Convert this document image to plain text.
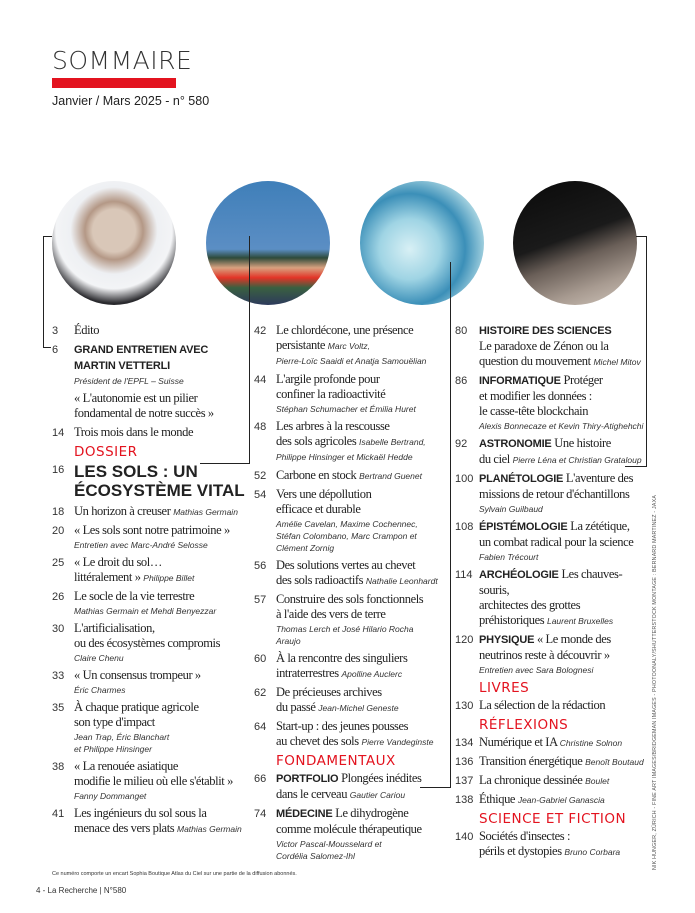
SOMMAIRE
Janvier / Mars 2025 - n° 580
3	Édito
6	GRAND ENTRETIEN AVEC
MARTIN VETTERLI
Président de l'EPFL – Suisse
« L'autonomie est un pilier
fondamental de notre succès »
14 Trois mois dans le monde
DOSSIER
16 LES SOLS : UN
ÉCOSYSTÈME VITAL
18 Un horizon à creuser Mathias Germain
20 « Les sols sont notre patrimoine »
Entretien avec Marc-André Selosse
25 « Le droit du sol…
littéralement » Philippe Billet
26 Le socle de la vie terrestre
Mathias Germain et Mehdi Benyezzar
30 L'artificialisation,
ou des écosystèmes compromis
Claire Chenu
33 « Un consensus trompeur »
Éric Charmes
35 À chaque pratique agricole
son type d'impact
Jean Trap, Éric Blanchart
et Philippe Hinsinger
38 « La renouée asiatique
modifie le milieu où elle s'établit »
Fanny Dommanget
41 Les ingénieurs du sol sous la
menace des vers plats Mathias Germain
42 Le chlordécone, une présence
persistante Marc Voltz,
Pierre-Loïc Saaidi et Anatja Samouëlian
44 L'argile profonde pour
confiner la radioactivité
Stéphan Schumacher et Émilia Huret
48 Les arbres à la rescousse
des sols agricoles Isabelle Bertrand,
Philippe Hinsinger et Mickaël Hedde
52 Carbone en stock Bertrand Guenet
54 Vers une dépollution
efficace et durable
Amélie Cavelan, Maxime Cochennec,
Stéfan Colombano, Marc Crampon et
Clément Zornig
56 Des solutions vertes au chevet
des sols radioactifs Nathalie Leonhardt
57 Construire des sols fonctionnels
à l'aide des vers de terre
Thomas Lerch et José Hilario Rocha Araujo
60 À la rencontre des singuliers
intraterrestres Apolline Auclerc
62 De précieuses archives
du passé Jean-Michel Geneste
64 Start-up : des jeunes pousses
au chevet des sols Pierre Vandeginste
FONDAMENTAUX
66 PORTFOLIO Plongées inédites
dans le cerveau Gautier Cariou
74 MÉDECINE Le dihydrogène
comme molécule thérapeutique
Victor Pascal-Mousselard et
Cordélia Salomez-Ihl
80	HISTOIRE DES SCIENCES
Le paradoxe de Zénon ou la
question du mouvement Michel Mitov
86	INFORMATIQUE Protéger
et modifier les données :
le casse-tête blockchain
Alexis Bonnecaze et Kevin Thiry-Atighehchi
92	ASTRONOMIE Une histoire
du ciel Pierre Léna et Christian Grataloup
100 PLANÉTOLOGIE L'aventure des
missions de retour d'échantillons
Sylvain Guilbaud
108 ÉPISTÉMOLOGIE La zététique,
un combat radical pour la science
Fabien Trécourt
114 ARCHÉOLOGIE Les chauves-souris,
architectes des grottes
préhistoriques Laurent Bruxelles
120 PHYSIQUE « Le monde des
neutrinos reste à découvrir »
Entretien avec Sara Bolognesi
LIVRES
130 La sélection de la rédaction
RÉFLEXIONS
134 Numérique et IA Christine Solnon
136 Transition énergétique Benoît Boutaud
137 La chronique dessinée Boulet
138 Éthique Jean-Gabriel Ganascia
SCIENCE ET FICTION
140 Sociétés d'insectes :
périls et dystopies Bruno Corbara
Ce numéro comporte un encart Sophia Boutique Atlas du Ciel sur une partie de la diffusion abonnés.
4 - La Recherche | N°580
NIK HUNGER, ZÜRICH - FINE ART IMAGES/BRIDGEMAN IMAGES - PHOTOONALY/SHUTTERSTOCK MONTAGE : BERNARD MARTINEZ - JAXA
